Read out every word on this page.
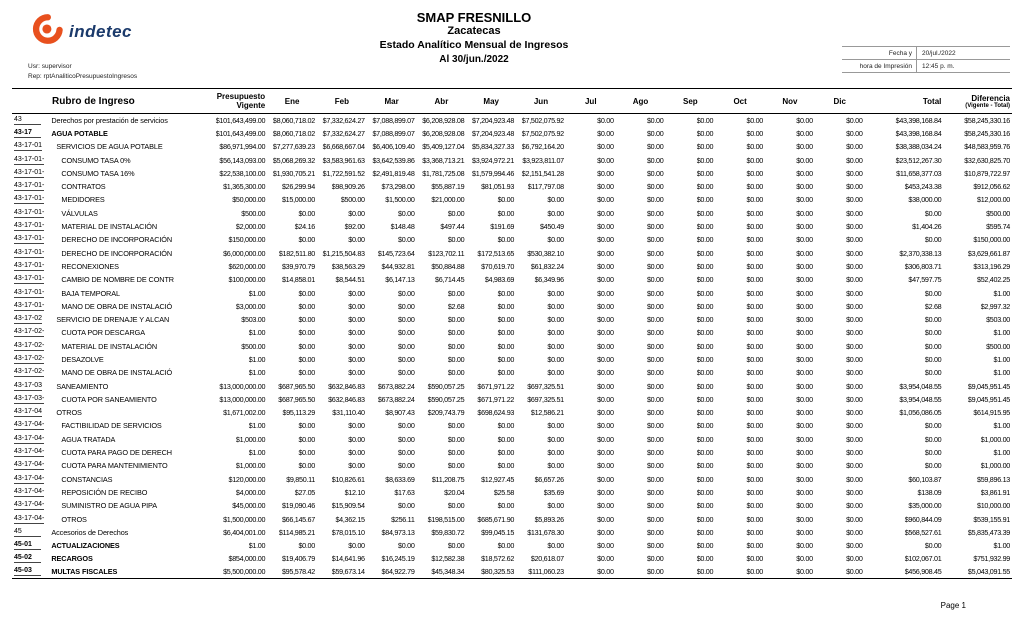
indetec
Usr: supervisor
Rep: rptAnaliticoPresupuestoIngresos
SMAP FRESNILLO
Zacatecas
Estado Analítico Mensual de Ingresos
Al 30/jun./2022
Fecha y	20/jul./2022
hora de Impresión	12:45 p. m.
Rubro de Ingreso	Presupuesto
Vigente	Ene	Feb	Mar	Abr	May	Jun	Jul	Ago	Sep	Oct	Nov	Dic	Total	Diferencia
(Vigente - Total)

43	Derechos por prestación de servicios	$101,643,499.00	$8,060,718.02	$7,332,624.27	$7,088,899.07	$6,208,928.08	$7,204,923.48	$7,502,075.92	$0.00	$0.00	$0.00	$0.00	$0.00	$0.00	$43,398,168.84	$58,245,330.16
43-17	AGUA POTABLE	$101,643,499.00	$8,060,718.02	$7,332,624.27	$7,088,899.07	$6,208,928.08	$7,204,923.48	$7,502,075.92	$0.00	$0.00	$0.00	$0.00	$0.00	$0.00	$43,398,168.84	$58,245,330.16
43-17-01	SERVICIOS DE AGUA POTABLE	$86,971,994.00	$7,277,639.23	$6,668,667.04	$6,406,109.40	$5,409,127.04	$5,834,327.33	$6,792,164.20	$0.00	$0.00	$0.00	$0.00	$0.00	$0.00	$38,388,034.24	$48,583,959.76
43-17-01-	CONSUMO TASA 0%	$56,143,093.00	$5,068,269.32	$3,583,961.63	$3,642,539.86	$3,368,713.21	$3,924,972.21	$3,923,811.07	$0.00	$0.00	$0.00	$0.00	$0.00	$0.00	$23,512,267.30	$32,630,825.70
43-17-01-	CONSUMO TASA 16%	$22,538,100.00	$1,930,705.21	$1,722,591.52	$2,491,819.48	$1,781,725.08	$1,579,994.46	$2,151,541.28	$0.00	$0.00	$0.00	$0.00	$0.00	$0.00	$11,658,377.03	$10,879,722.97
43-17-01-	CONTRATOS	$1,365,300.00	$26,299.94	$98,909.26	$73,298.00	$55,887.19	$81,051.93	$117,797.08	$0.00	$0.00	$0.00	$0.00	$0.00	$0.00	$453,243.38	$912,056.62
43-17-01-	MEDIDORES	$50,000.00	$15,000.00	$500.00	$1,500.00	$21,000.00	$0.00	$0.00	$0.00	$0.00	$0.00	$0.00	$0.00	$0.00	$38,000.00	$12,000.00
43-17-01-	VÁLVULAS	$500.00	$0.00	$0.00	$0.00	$0.00	$0.00	$0.00	$0.00	$0.00	$0.00	$0.00	$0.00	$0.00	$0.00	$500.00
43-17-01-	MATERIAL DE INSTALACIÓN	$2,000.00	$24.16	$92.00	$148.48	$497.44	$191.69	$450.49	$0.00	$0.00	$0.00	$0.00	$0.00	$0.00	$1,404.26	$595.74
43-17-01-	DERECHO DE INCORPORACIÓN	$150,000.00	$0.00	$0.00	$0.00	$0.00	$0.00	$0.00	$0.00	$0.00	$0.00	$0.00	$0.00	$0.00	$0.00	$150,000.00
43-17-01-	DERECHO DE INCORPORACIÓN	$6,000,000.00	$182,511.80	$1,215,504.83	$145,723.64	$123,702.11	$172,513.65	$530,382.10	$0.00	$0.00	$0.00	$0.00	$0.00	$0.00	$2,370,338.13	$3,629,661.87
43-17-01-	RECONEXIONES	$620,000.00	$39,970.79	$38,563.29	$44,932.81	$50,884.88	$70,619.70	$61,832.24	$0.00	$0.00	$0.00	$0.00	$0.00	$0.00	$306,803.71	$313,196.29
43-17-01-	CAMBIO DE NOMBRE DE CONTR	$100,000.00	$14,858.01	$8,544.51	$6,147.13	$6,714.45	$4,983.69	$6,349.96	$0.00	$0.00	$0.00	$0.00	$0.00	$0.00	$47,597.75	$52,402.25
43-17-01-	BAJA TEMPORAL	$1.00	$0.00	$0.00	$0.00	$0.00	$0.00	$0.00	$0.00	$0.00	$0.00	$0.00	$0.00	$0.00	$0.00	$1.00
43-17-01-	MANO DE OBRA DE INSTALACIÓ	$3,000.00	$0.00	$0.00	$0.00	$2.68	$0.00	$0.00	$0.00	$0.00	$0.00	$0.00	$0.00	$0.00	$2.68	$2,997.32
43-17-02	SERVICIO DE DRENAJE Y ALCAN	$503.00	$0.00	$0.00	$0.00	$0.00	$0.00	$0.00	$0.00	$0.00	$0.00	$0.00	$0.00	$0.00	$0.00	$503.00
43-17-02-	CUOTA POR DESCARGA	$1.00	$0.00	$0.00	$0.00	$0.00	$0.00	$0.00	$0.00	$0.00	$0.00	$0.00	$0.00	$0.00	$0.00	$1.00
43-17-02-	MATERIAL DE INSTALACIÓN	$500.00	$0.00	$0.00	$0.00	$0.00	$0.00	$0.00	$0.00	$0.00	$0.00	$0.00	$0.00	$0.00	$0.00	$500.00
43-17-02-	DESAZOLVE	$1.00	$0.00	$0.00	$0.00	$0.00	$0.00	$0.00	$0.00	$0.00	$0.00	$0.00	$0.00	$0.00	$0.00	$1.00
43-17-02-	MANO DE OBRA DE INSTALACIÓ	$1.00	$0.00	$0.00	$0.00	$0.00	$0.00	$0.00	$0.00	$0.00	$0.00	$0.00	$0.00	$0.00	$0.00	$1.00
43-17-03	SANEAMIENTO	$13,000,000.00	$687,965.50	$632,846.83	$673,882.24	$590,057.25	$671,971.22	$697,325.51	$0.00	$0.00	$0.00	$0.00	$0.00	$0.00	$3,954,048.55	$9,045,951.45
43-17-03-	CUOTA POR SANEAMIENTO	$13,000,000.00	$687,965.50	$632,846.83	$673,882.24	$590,057.25	$671,971.22	$697,325.51	$0.00	$0.00	$0.00	$0.00	$0.00	$0.00	$3,954,048.55	$9,045,951.45
43-17-04	OTROS	$1,671,002.00	$95,113.29	$31,110.40	$8,907.43	$209,743.79	$698,624.93	$12,586.21	$0.00	$0.00	$0.00	$0.00	$0.00	$0.00	$1,056,086.05	$614,915.95
43-17-04-	FACTIBILIDAD DE SERVICIOS	$1.00	$0.00	$0.00	$0.00	$0.00	$0.00	$0.00	$0.00	$0.00	$0.00	$0.00	$0.00	$0.00	$0.00	$1.00
43-17-04-	AGUA TRATADA	$1,000.00	$0.00	$0.00	$0.00	$0.00	$0.00	$0.00	$0.00	$0.00	$0.00	$0.00	$0.00	$0.00	$0.00	$1,000.00
43-17-04-	CUOTA PARA PAGO DE DERECH	$1.00	$0.00	$0.00	$0.00	$0.00	$0.00	$0.00	$0.00	$0.00	$0.00	$0.00	$0.00	$0.00	$0.00	$1.00
43-17-04-	CUOTA PARA MANTENIMIENTO	$1,000.00	$0.00	$0.00	$0.00	$0.00	$0.00	$0.00	$0.00	$0.00	$0.00	$0.00	$0.00	$0.00	$0.00	$1,000.00
43-17-04-	CONSTANCIAS	$120,000.00	$9,850.11	$10,826.61	$8,633.69	$11,208.75	$12,927.45	$6,657.26	$0.00	$0.00	$0.00	$0.00	$0.00	$0.00	$60,103.87	$59,896.13
43-17-04-	REPOSICIÓN DE RECIBO	$4,000.00	$27.05	$12.10	$17.63	$20.04	$25.58	$35.69	$0.00	$0.00	$0.00	$0.00	$0.00	$0.00	$138.09	$3,861.91
43-17-04-	SUMINISTRO DE AGUA PIPA	$45,000.00	$19,090.46	$15,909.54	$0.00	$0.00	$0.00	$0.00	$0.00	$0.00	$0.00	$0.00	$0.00	$0.00	$35,000.00	$10,000.00
43-17-04-	OTROS	$1,500,000.00	$66,145.67	$4,362.15	$256.11	$198,515.00	$685,671.90	$5,893.26	$0.00	$0.00	$0.00	$0.00	$0.00	$0.00	$960,844.09	$539,155.91
45	Accesorios de Derechos	$6,404,001.00	$114,985.21	$78,015.10	$84,973.13	$59,830.72	$99,045.15	$131,678.30	$0.00	$0.00	$0.00	$0.00	$0.00	$0.00	$568,527.61	$5,835,473.39
45-01	ACTUALIZACIONES	$1.00	$0.00	$0.00	$0.00	$0.00	$0.00	$0.00	$0.00	$0.00	$0.00	$0.00	$0.00	$0.00	$0.00	$1.00
45-02	RECARGOS	$854,000.00	$19,406.79	$14,641.96	$16,245.19	$12,582.38	$18,572.62	$20,618.07	$0.00	$0.00	$0.00	$0.00	$0.00	$0.00	$102,067.01	$751,932.99
45-03	MULTAS FISCALES	$5,500,000.00	$95,578.42	$59,673.14	$64,922.79	$45,348.34	$80,325.53	$111,060.23	$0.00	$0.00	$0.00	$0.00	$0.00	$0.00	$456,908.45	$5,043,091.55
Page 1
